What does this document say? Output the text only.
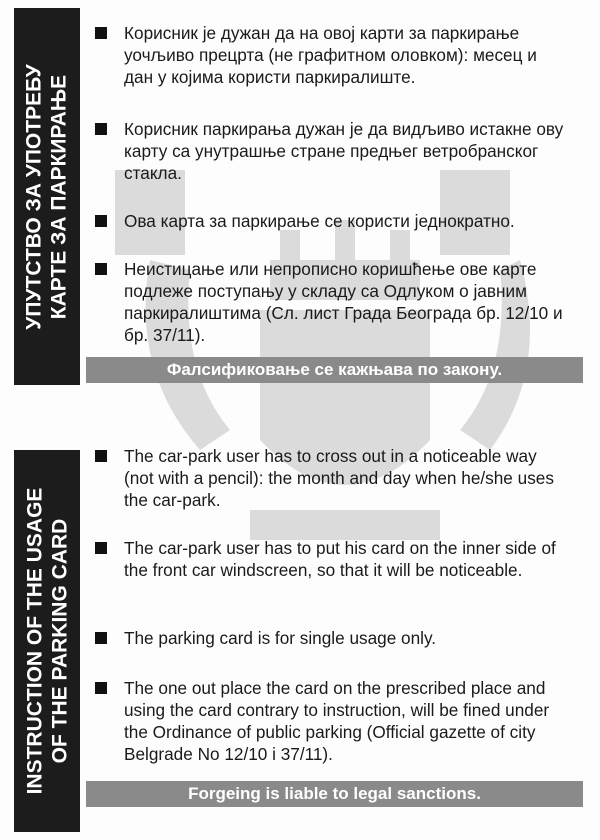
УПУТСТВО ЗА УПОТРЕБУ КАРТЕ ЗА ПАРКИРАЊЕ
Корисник је дужан да на овој карти за паркирање уочљиво прецрта (не графитном оловком): месец и дан у којима користи паркиралиште.
Корисник паркирања дужан је да видљиво истакне ову карту са унутрашње стране предњег ветробранског стакла.
Ова карта за паркирање се користи једнократно.
Неистицање или непрописно коришћење ове карте подлеже поступању у складу са Одлуком о јавним паркиралиштима (Сл. лист Града Београда бр. 12/10 и бр. 37/11).
Фалсификовање се кажњава по закону.
INSTRUCTION OF THE USAGE OF THE PARKING CARD
The car-park user has to cross out in a noticeable way (not with a pencil): the month and day when he/she uses the car-park.
The car-park user has to put his card on the inner side of the front car windscreen, so that it will be noticeable.
The parking card is for single usage only.
The one out place the card on the prescribed place and using the card contrary to instruction, will be fined under the Ordinance of public parking (Official gazette of city Belgrade No 12/10 i 37/11).
Forgeing is liable to legal sanctions.
